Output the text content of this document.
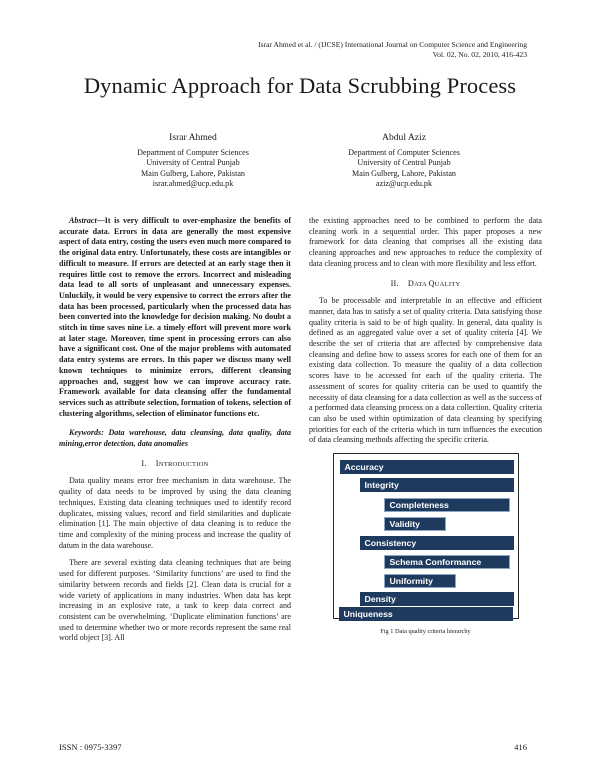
Israr Ahmed et al. / (IJCSE) International Journal on Computer Science and Engineering
Vol. 02, No. 02, 2010, 416-423
Dynamic Approach for Data Scrubbing Process
Israr Ahmed
Department of Computer Sciences
University of Central Punjab
Main Gulberg, Lahore, Pakistan
israr.ahmed@ucp.edu.pk
Abdul Aziz
Department of Computer Sciences
University of Central Punjab
Main Gulberg, Lahore, Pakistan
aziz@ucp.edu.pk

Abstract—It is very difficult to over-emphasize the benefits of accurate data. Errors in data are generally the most expensive aspect of data entry, costing the users even much more compared to the original data entry. Unfortunately, these costs are intangibles or difficult to measure. If errors are detected at an early stage then it requires little cost to remove the errors. Incorrect and misleading data lead to all sorts of unpleasant and unnecessary expenses. Unluckily, it would be very expensive to correct the errors after the data has been processed, particularly when the processed data has been converted into the knowledge for decision making. No doubt a stitch in time saves nine i.e. a timely effort will prevent more work at later stage. Moreover, time spent in processing errors can also have a significant cost. One of the major problems with automated data entry systems are errors. In this paper we discuss many well known techniques to minimize errors, different cleansing approaches and, suggest how we can improve accuracy rate. Framework available for data cleansing offer the fundamental services such as attribute selection, formation of tokens, selection of clustering algorithms, selection of eliminator functions etc.

Keywords: Data warehouse, data cleansing, data quality, data mining,error detection, data anomalies

I. INTRODUCTION

Data quality means error free mechanism in data warehouse. The quality of data needs to be improved by using the data cleaning techniques. Existing data cleaning techniques used to identify record duplicates, missing values, record and field similarities and duplicate elimination [1]. The main objective of data cleaning is to reduce the time and complexity of the mining process and increase the quality of datum in the data warehouse.

There are several existing data cleaning techniques that are being used for different purposes. ‘Similarity functions’ are used to find the similarity between records and fields [2]. Clean data is crucial for a wide variety of applications in many industries. When data has kept increasing in an explosive rate, a task to keep data correct and consistent can be overwhelming. ‘Duplicate elimination functions’ are used to determine whether two or more records represent the same real world object [3]. All

the existing approaches need to be combined to perform the data cleaning work in a sequential order. This paper proposes a new framework for data cleaning that comprises all the existing data cleaning approaches and new approaches to reduce the complexity of data cleaning process and to clean with more flexibility and less effort.

II. DATA QUALITY

To be processable and interpretable in an effective and efficient manner, data has to satisfy a set of quality criteria. Data satisfying those quality criteria is said to be of high quality. In general, data quality is defined as an aggregated value over a set of quality criteria [4]. We describe the set of criteria that are affected by comprehensive data cleansing and define how to assess scores for each one of them for an existing data collection. To measure the quality of a data collection scores have to be accessed for each of the quality criteria. The assessment of scores for quality criteria can be used to quantify the necessity of data cleansing for a data collection as well as the success of a performed data cleansing process on a data collection. Quality criteria can also be used within optimization of data cleansing by specifying priorities for each of the criteria which in turn influences the execution of data cleansing methods affecting the specific criteria.

Accuracy
Integrity
Completeness
Validity
Consistency
Schema Conformance
Uniformity
Density
Uniqueness
Fig 1 Data quality criteria hierarchy
ISSN : 0975-3397	416
